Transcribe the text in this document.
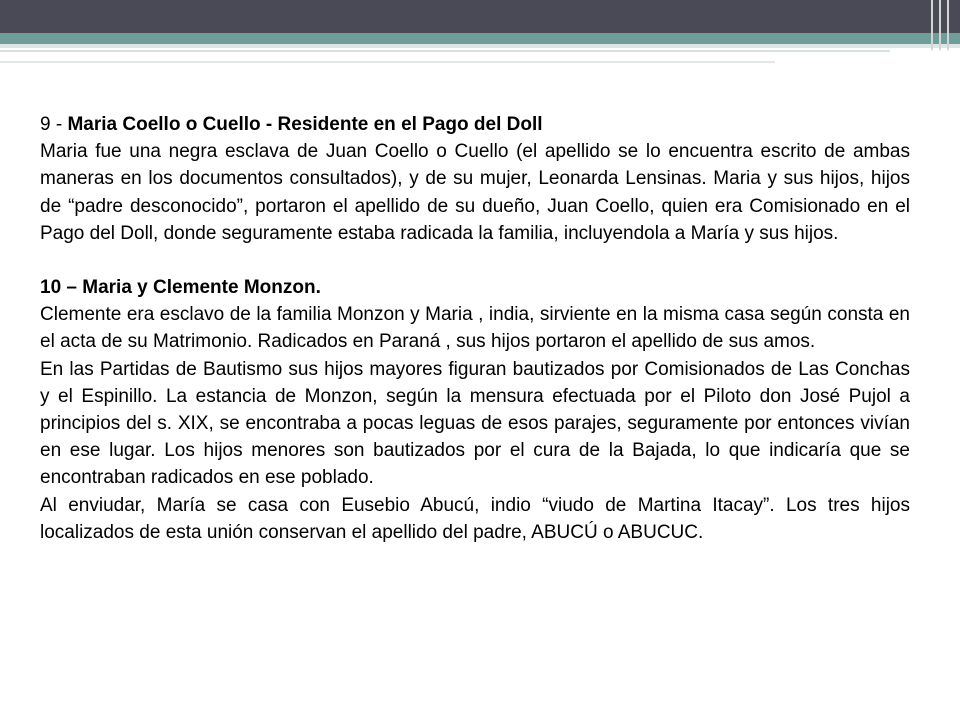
9 - Maria Coello o Cuello - Residente en el Pago del Doll

Maria fue una negra esclava de Juan Coello o Cuello (el apellido se lo encuentra escrito de ambas maneras en los documentos consultados), y de su mujer, Leonarda Lensinas. Maria y sus hijos, hijos de “padre desconocido”, portaron el apellido de su dueño, Juan Coello, quien era Comisionado en el Pago del Doll, donde seguramente estaba radicada la familia, incluyendola a María y sus hijos.

10 – Maria y Clemente Monzon.

Clemente era esclavo de la familia Monzon y Maria , india, sirviente en la misma casa según consta en el acta de su Matrimonio. Radicados en Paraná , sus hijos portaron el apellido de sus amos.

En las Partidas de Bautismo sus hijos mayores figuran bautizados por Comisionados de Las Conchas y el Espinillo. La estancia de Monzon, según la mensura efectuada por el Piloto don José Pujol a principios del s. XIX, se encontraba a pocas leguas de esos parajes, seguramente por entonces vivían en ese lugar. Los hijos menores son bautizados por el cura de la Bajada, lo que indicaría que se encontraban radicados en ese poblado.

Al enviudar, María se casa con Eusebio Abucú, indio “viudo de Martina Itacay”. Los tres hijos localizados de esta unión conservan el apellido del padre, ABUCÚ o ABUCUC.
